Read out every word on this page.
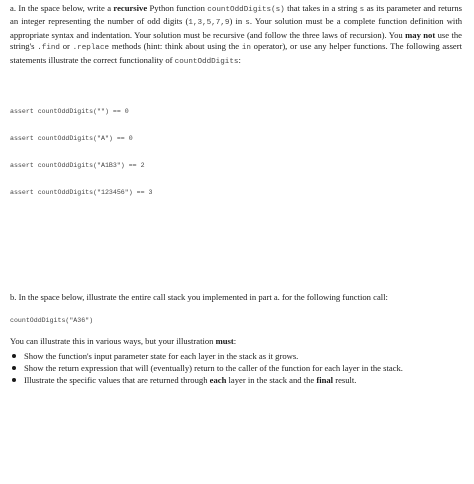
a. In the space below, write a recursive Python function countOddDigits(s) that takes in a string s as its parameter and returns an integer representing the number of odd digits (1,3,5,7,9) in s. Your solution must be a complete function definition with appropriate syntax and indentation. Your solution must be recursive (and follow the three laws of recursion). You may not use the string's .find or .replace methods (hint: think about using the in operator), or use any helper functions. The following assert statements illustrate the correct functionality of countOddDigits:

assert countOddDigits("") == 0

assert countOddDigits("A") == 0

assert countOddDigits("A1B3") == 2

assert countOddDigits("123456") == 3

b. In the space below, illustrate the entire call stack you implemented in part a. for the following function call:
countOddDigits("A36")
You can illustrate this in various ways, but your illustration must:
Show the function's input parameter state for each layer in the stack as it grows.
Show the return expression that will (eventually) return to the caller of the function for each layer in the stack.
Illustrate the specific values that are returned through each layer in the stack and the final result.
